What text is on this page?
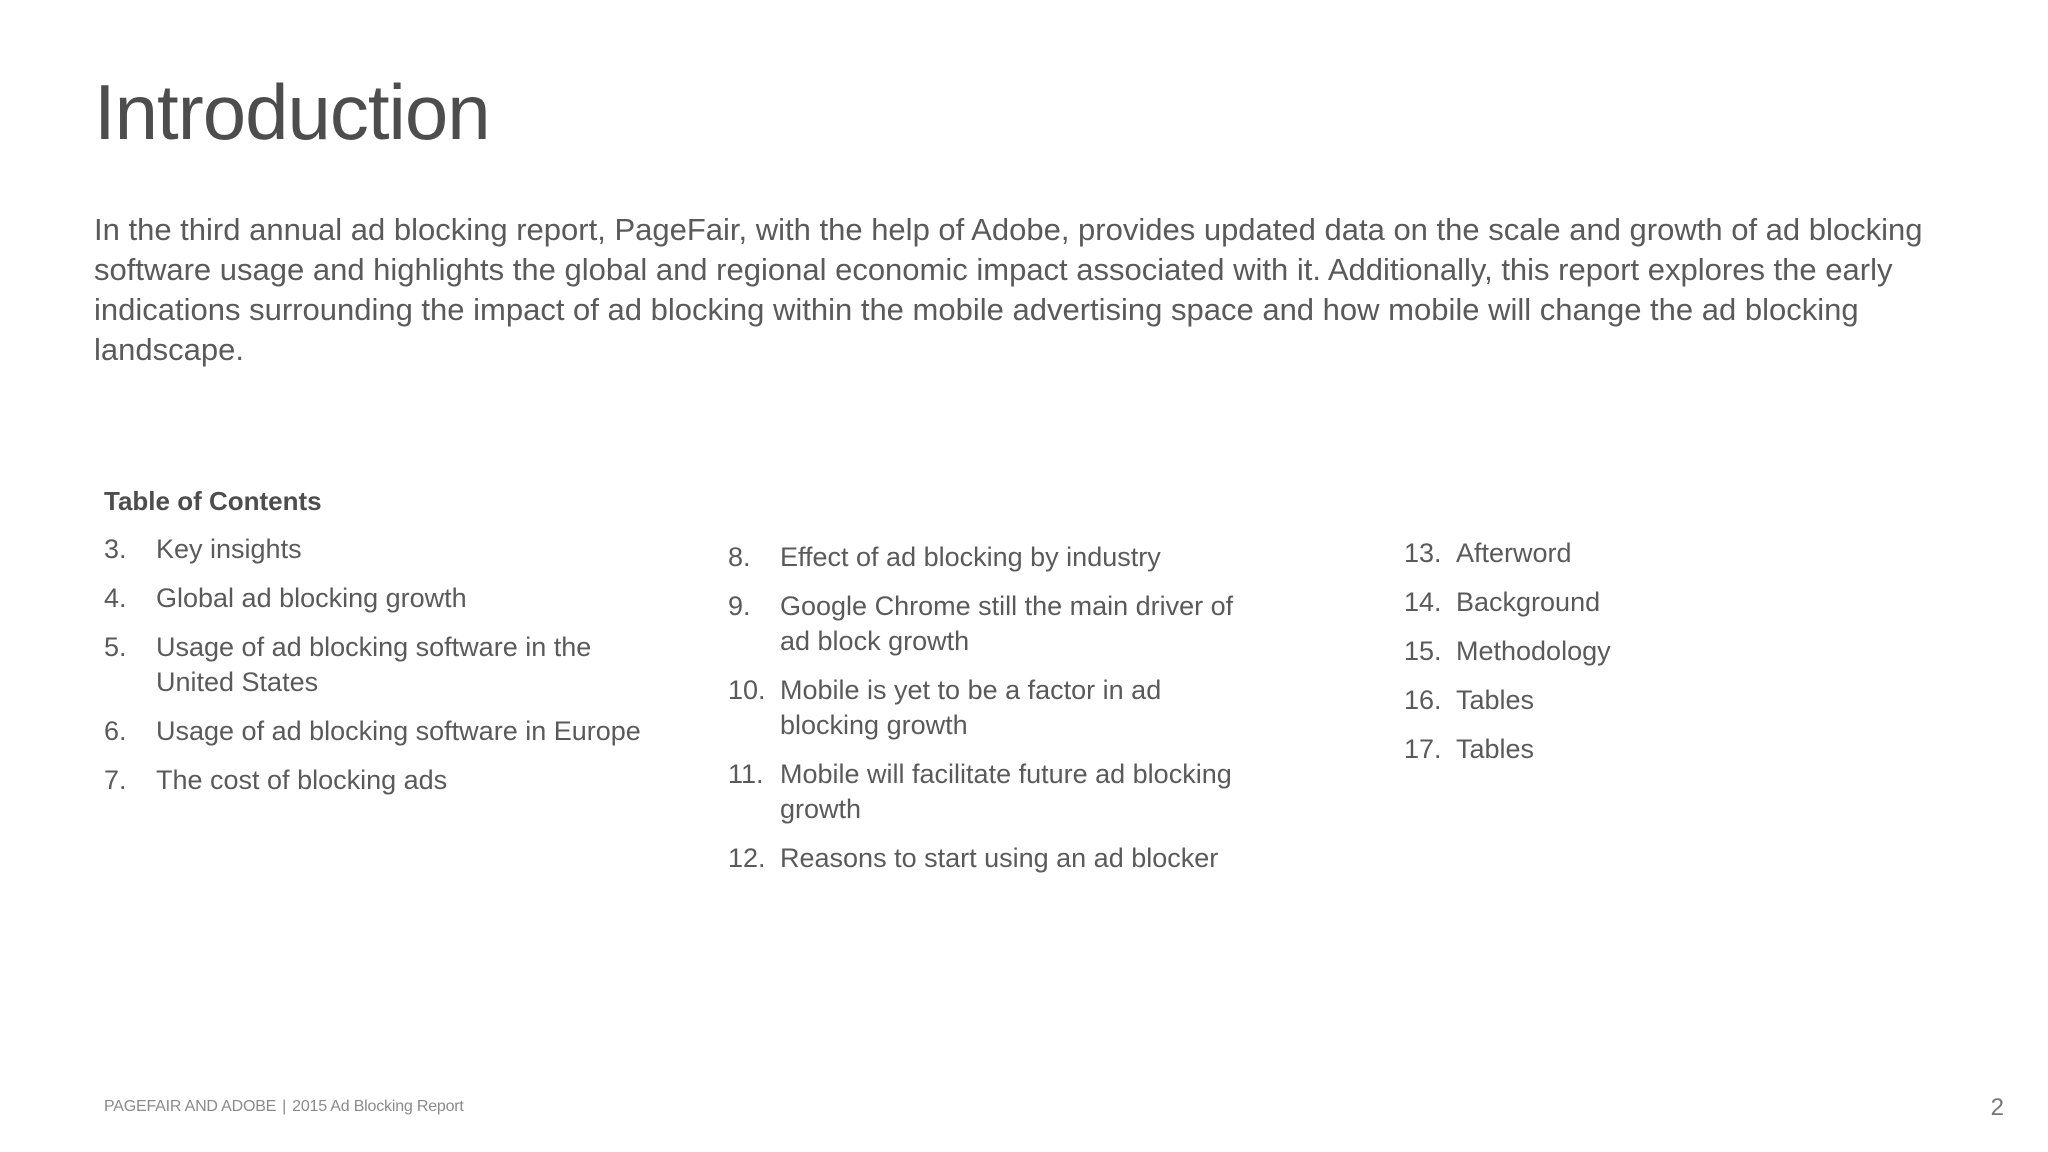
Introduction

In the third annual ad blocking report, PageFair, with the help of Adobe, provides updated data on the scale and growth of ad blocking software usage and highlights the global and regional economic impact associated with it. Additionally, this report explores the early indications surrounding the impact of ad blocking within the mobile advertising space and how mobile will change the ad blocking landscape.

Table of Contents
3.	Key insights
4.	Global ad blocking growth
5.	Usage of ad blocking software in the United States
6.	Usage of ad blocking software in Europe
7.	The cost of blocking ads
8.	Effect of ad blocking by industry
9.	Google Chrome still the main driver of ad block growth
10. Mobile is yet to be a factor in ad blocking growth
11. Mobile will facilitate future ad blocking growth
12. Reasons to start using an ad blocker
13. Afterword
14. Background
15. Methodology
16. Tables
17. Tables
PAGEFAIR AND ADOBE | 2015 Ad Blocking Report	2
